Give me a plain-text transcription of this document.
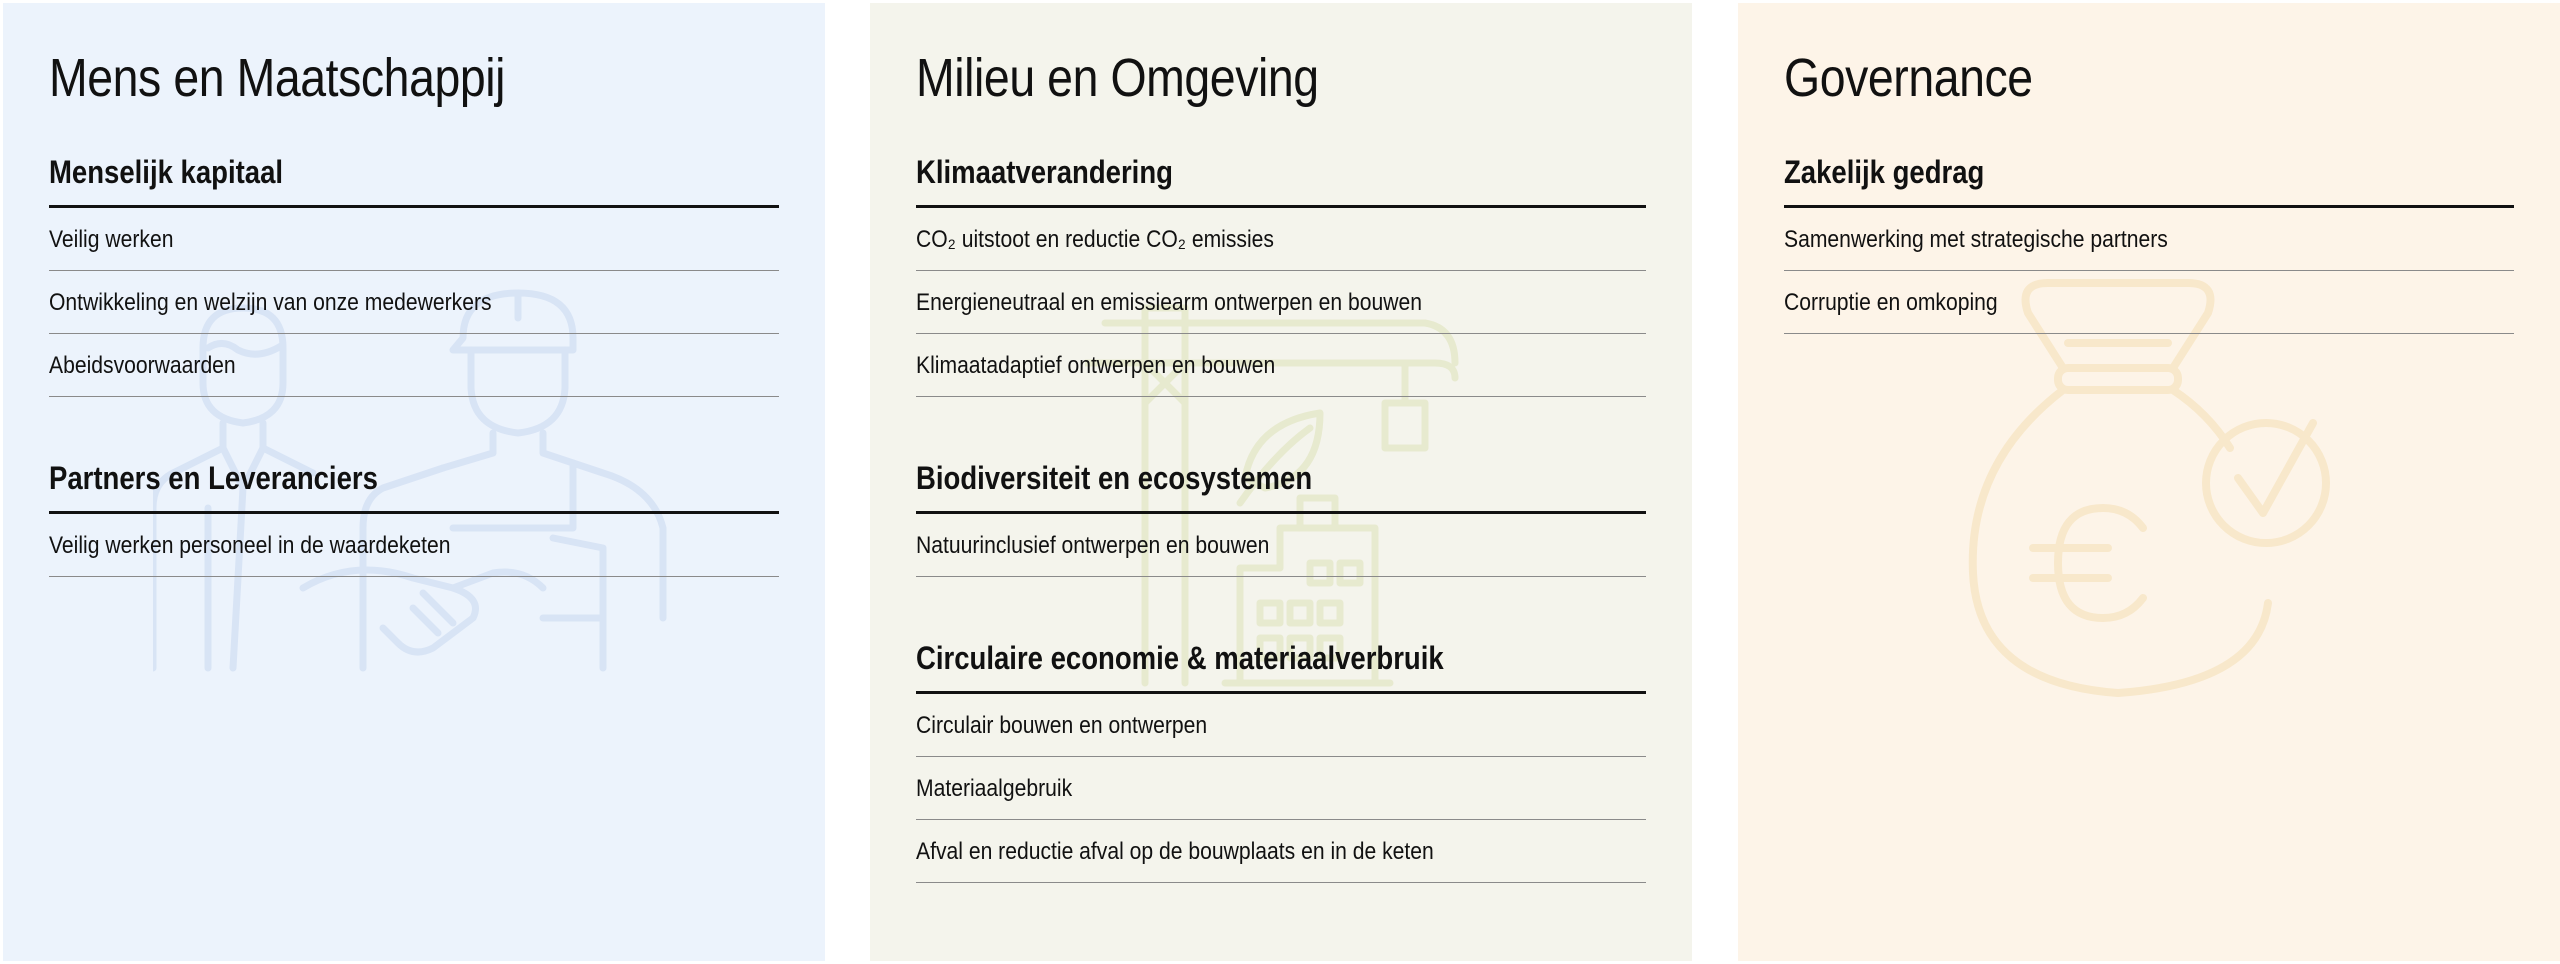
Mens en Maatschappij
Menselijk kapitaal
Veilig werken
Ontwikkeling en welzijn van onze medewerkers
Abeidsvoorwaarden
Partners en Leveranciers
Veilig werken personeel in de waardeketen
Milieu en Omgeving
Klimaatverandering
CO₂ uitstoot en reductie CO₂ emissies
Energieneutraal en emissiearm ontwerpen en bouwen
Klimaatadaptief ontwerpen en bouwen
Biodiversiteit en ecosystemen
Natuurinclusief ontwerpen en bouwen
Circulaire economie & materiaalverbruik
Circulair bouwen en ontwerpen
Materiaalgebruik
Afval en reductie afval op de bouwplaats en in de keten
Governance
Zakelijk gedrag
Samenwerking met strategische partners
Corruptie en omkoping
